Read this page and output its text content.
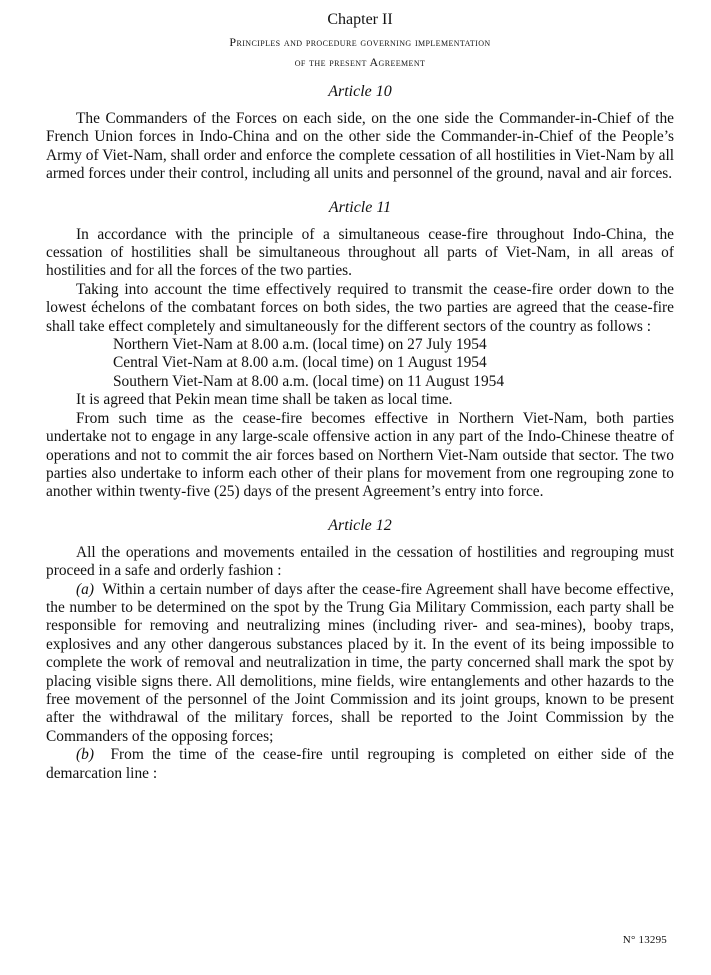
Chapter II
Principles and procedure governing implementation
of the present Agreement
Article 10

The Commanders of the Forces on each side, on the one side the Commander-in-Chief of the French Union forces in Indo-China and on the other side the Commander-in-Chief of the People’s Army of Viet-Nam, shall order and enforce the complete cessation of all hostilities in Viet-Nam by all armed forces under their control, including all units and personnel of the ground, naval and air forces.

Article 11

In accordance with the principle of a simultaneous cease-fire throughout Indo-China, the cessation of hostilities shall be simultaneous throughout all parts of Viet-Nam, in all areas of hostilities and for all the forces of the two parties.

Taking into account the time effectively required to transmit the cease-fire order down to the lowest échelons of the combatant forces on both sides, the two parties are agreed that the cease-fire shall take effect completely and simultaneously for the different sectors of the country as follows :

Northern Viet-Nam at 8.00 a.m. (local time) on 27 July 1954
Central Viet-Nam at 8.00 a.m. (local time) on 1 August 1954
Southern Viet-Nam at 8.00 a.m. (local time) on 11 August 1954

It is agreed that Pekin mean time shall be taken as local time.

From such time as the cease-fire becomes effective in Northern Viet-Nam, both parties undertake not to engage in any large-scale offensive action in any part of the Indo-Chinese theatre of operations and not to commit the air forces based on Northern Viet-Nam outside that sector. The two parties also undertake to inform each other of their plans for movement from one regrouping zone to another within twenty-five (25) days of the present Agreement’s entry into force.

Article 12

All the operations and movements entailed in the cessation of hostilities and regrouping must proceed in a safe and orderly fashion :

(a) Within a certain number of days after the cease-fire Agreement shall have become effective, the number to be determined on the spot by the Trung Gia Military Commission, each party shall be responsible for removing and neutralizing mines (including river- and sea-mines), booby traps, explosives and any other dangerous substances placed by it. In the event of its being impossible to complete the work of removal and neutralization in time, the party concerned shall mark the spot by placing visible signs there. All demolitions, mine fields, wire entanglements and other hazards to the free movement of the personnel of the Joint Commission and its joint groups, known to be present after the withdrawal of the military forces, shall be reported to the Joint Commission by the Commanders of the opposing forces;

(b) From the time of the cease-fire until regrouping is completed on either side of the demarcation line :

N° 13295
